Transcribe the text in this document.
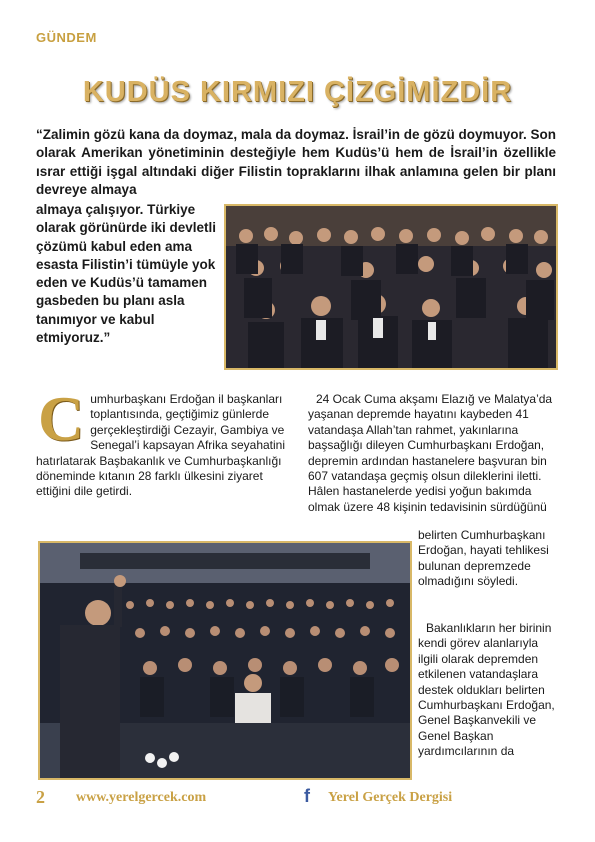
GÜNDEM
KUDÜS KIRMIZI ÇİZGİMİZDİR
“Zalimin gözü kana da doymaz, mala da doymaz. İsrail’in de gözü doymuyor. Son olarak Amerikan yönetiminin desteğiyle hem Kudüs’ü hem de İsrail’in özellikle ısrar ettiği işgal altındaki diğer Filistin topraklarını ilhak anlamına gelen bir planı devreye almaya
almaya çalışıyor. Türkiye olarak görünürde iki devletli çözümü kabul eden ama esasta Filistin’i tümüyle yok eden ve Kudüs’ü tamamen gasbeden bu planı asla tanımıyor ve kabul etmiyoruz.”
C umhurbaşkanı Erdoğan il başkanları toplantısında, geçtiğimiz günlerde gerçekleştirdiği Cezayir, Gambiya ve Senegal’i kapsayan Afrika seyahatini hatırlatarak Başbakanlık ve Cumhurbaşkanlığı döneminde kıtanın 28 farklı ülkesini ziyaret ettiğini dile getirdi.
24 Ocak Cuma akşamı Elazığ ve Malatya’da yaşanan depremde hayatını kaybeden 41 vatandaşa Allah’tan rahmet, yakınlarına başsağlığı dileyen Cumhurbaşkanı Erdoğan, depremin ardından hastanelere başvuran bin 607 vatandaşa geçmiş olsun dileklerini iletti. Hâlen hastanelerde yedisi yoğun bakımda olmak üzere 48 kişinin tedavisinin sürdüğünü
belirten Cumhurbaşkanı Erdoğan, hayati tehlikesi bulunan depremzede olmadığını söyledi.
Bakanlıkların her birinin kendi görev alanlarıyla ilgili olarak depremden etkilenen vatandaşlara destek oldukları belirten Cumhurbaşkanı Erdoğan, Genel Başkanvekili ve Genel Başkan yardımcılarının da
2 www.yerelgercek.com	f	Yerel Gerçek Dergisi
